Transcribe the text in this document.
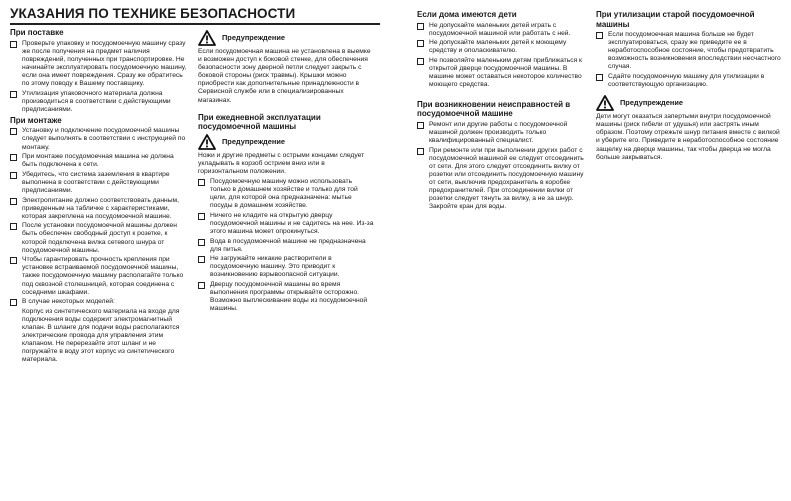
УКАЗАНИЯ ПО ТЕХНИКЕ БЕЗОПАСНОСТИ
При поставке
Проверьте упаковку и посудомоечную машину сразу же после получения на предмет наличия повреждений, полученных при транспортировке. Не начинайте эксплуатировать посудомоечную машину, если она имеет повреждения. Сразу же обратитесь по этому поводу к Вашему поставщику.
Утилизация упаковочного материала должна производиться в соответствии с действующими предписаниями.
При монтаже
Установку и подключение посудомоечной машины следует выполнять в соответствии с инструкцией по монтажу.
При монтаже посудомоечная машина не должна быть подключена к сети.
Убедитесь, что система заземления в квартире выполнена в соответствии с действующими предписаниями.
Электропитание должно соответствовать данным, приведенным на табличке с характеристиками, которая закреплена на посудомоечной машине.
После установки посудомоечной машины должен быть обеспечен свободный доступ к розетке, к которой подключена вилка сетевого шнура от посудомоечной машины.
Чтобы гарантировать прочность крепления при установке встраиваемой посудомоечной машины, также посудомоечную машину располагайте только под сквозной столешницей, которая соединена с соседними шкафами.
В случае некоторых моделей:
Корпус из синтетического материала на входе для подключения воды содержит электромагнитный клапан. В шланге для подачи воды располагаются электрические провода для управления этим клапаном. Не перерезайте этот шланг и не погружайте в воду этот корпус из синтетического материала.
Предупреждение
Если посудомоечная машина не установлена в выемке и возможен доступ к боковой стенке, для обеспечения безопасности зону дверной петли следует закрыть с боковой стороны (риск травмы). Крышки можно приобрести как дополнительные принадлежности в Сервисной службе или в специализированных магазинах.
При ежедневной эксплуатации посудомоечной машины
Предупреждение
Ножи и другие предметы с острыми концами следует укладывать в корзоб острием вниз или в горизонтальном положении.
Посудомоечную машину можно использовать только в домашнем хозяйстве и только для той цели, для которой она предназначена: мытье посуды в домашнем хозяйстве.
Ничего не кладите на открытую дверцу посудомоечной машины и не садитесь на нее. Из-за этого машина может опрокинуться.
Вода в посудомоечной машине не предназначена для питья.
Не загружайте никакие растворители в посудомоечную машину. Это приводит к возникновению взрывоопасной ситуации.
Дверцу посудомоечной машины во время выполнения программы открывайте осторожно. Возможно выплескивание воды из посудомоечной машины.
Если дома имеются дети
Не допускайте маленьких детей играть с посудомоечной машиной или работать с ней.
Не допускайте маленьких детей к моющему средству и ополаскивателю.
Не позволяйте маленьким детям приближаться к открытой дверце посудомоечной машины. В машине может оставаться некоторое количество моющего средства.
При возникновении неисправностей в посудомоечной машине
Ремонт или другие работы с посудомоечной машиной должен производить только квалифицированный специалист.
При ремонте или при выполнении других работ с посудомоечной машиной ее следует отсоединить от сети. Для этого следует отсоединить вилку от розетки или отсоединить посудомоечную машину от сети, выключив предохранитель в коробке предохранителей. При отсоединении вилки от розетки следует тянуть за вилку, а не за шнур. Закройте кран для воды.
При утилизации старой посудомоечной машины
Если посудомоечная машина больше не будет эксплуатироваться, сразу же приведите ее в неработоспособное состояние, чтобы предотвратить возможность возникновения впоследствии несчастного случая.
Сдайте посудомоечную машину для утилизации в соответствующую организацию.
Предупреждение
Дети могут оказаться запертыми внутри посудомоечной машины (риск гибели от удушья) или застрять иным образом. Поэтому отрежьте шнур питания вместе с вилкой и уберите его. Приведите в неработоспособное состояние защелку на дверце машины, так чтобы дверца не могла больше закрываться.
